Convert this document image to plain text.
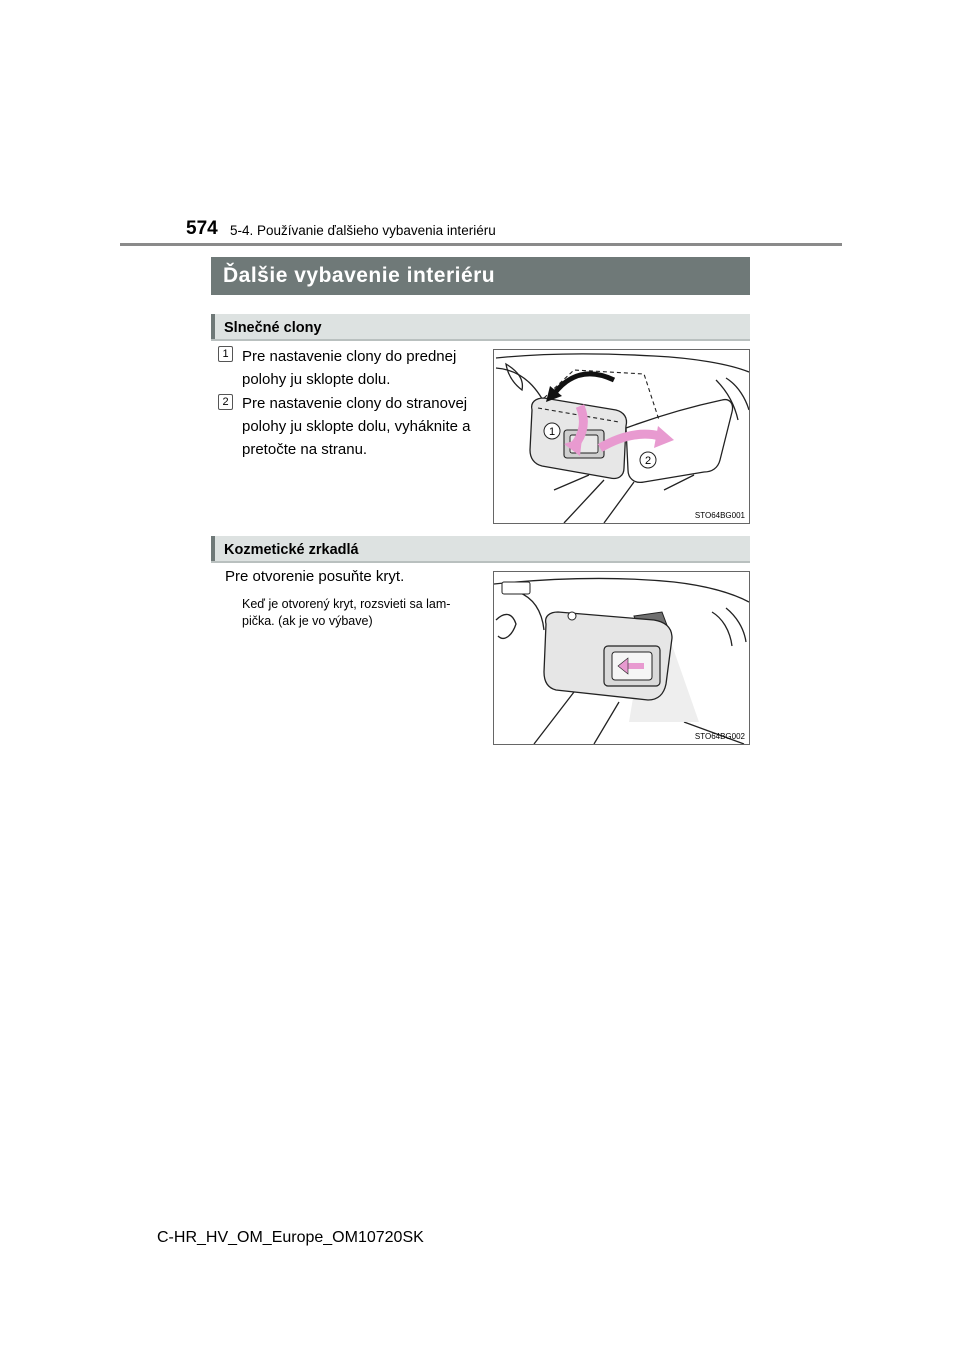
574 5-4. Používanie ďalšieho vybavenia interiéru
Ďalšie vybavenie interiéru
Slnečné clony
1 Pre nastavenie clony do prednej polohy ju sklopte dolu.
2 Pre nastavenie clony do stranovej polohy ju sklopte dolu, vyháknite a pretočte na stranu.
1
2
STO64BG001
Kozmetické zrkadlá
Pre otvorenie posuňte kryt.
Keď je otvorený kryt, rozsvieti sa lam-
pička. (ak je vo výbave)
STO64BG002
C-HR_HV_OM_Europe_OM10720SK
